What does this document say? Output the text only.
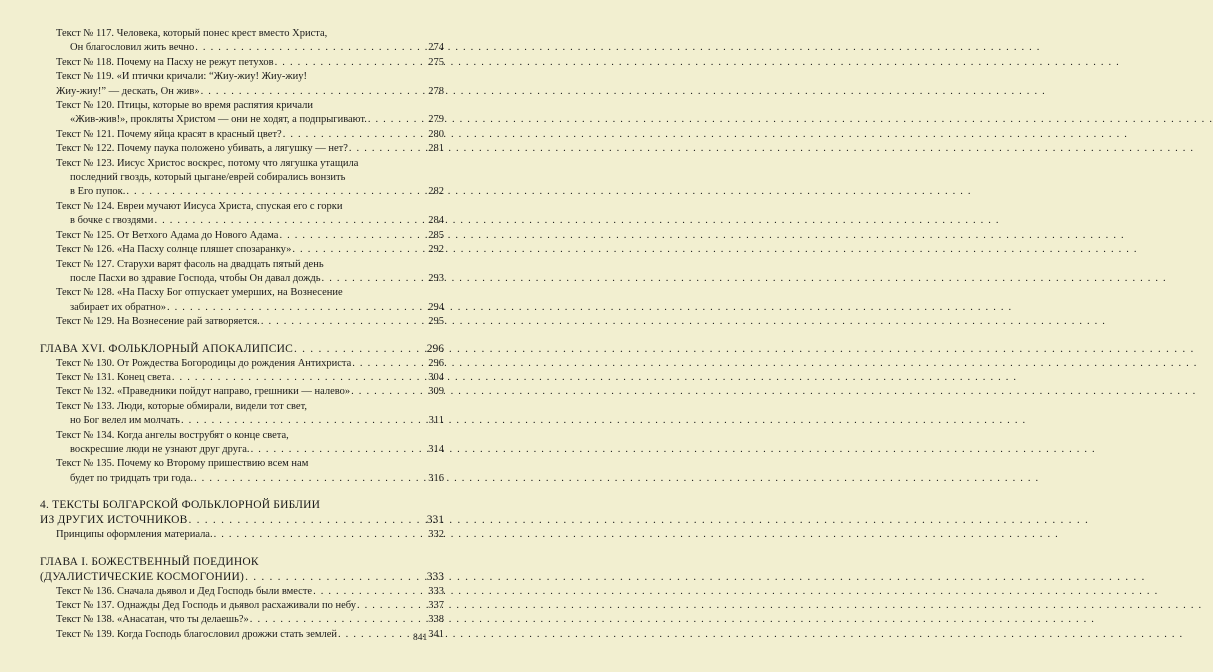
Текст № 117. Человека, который понес крест вместо Христа,
Он благословил жить вечно . . .	274
Текст № 118. Почему на Пасху не режут петухов . . .	275
Текст № 119. «И птички кричали: “Жиу-жиу! Жиу-жиу!
Жиу-жиу!” — дескать, Он жив» . . .	278
Текст № 120. Птицы, которые во время распятия кричали
«Жив-жив!», прокляты Христом — они не ходят, а подпрыгивают. . . .	279
Текст № 121. Почему яйца красят в красный цвет? . . .	280
Текст № 122. Почему паука положено убивать, а лягушку — нет? . . .	281
Текст № 123. Иисус Христос воскрес, потому что лягушка утащила
последний гвоздь, который цыгане/еврей собирались вонзить
в Его пупок. . . .	282
Текст № 124. Евреи мучают Иисуса Христа, спуская его с горки
в бочке с гвоздями . . .	284
Текст № 125. От Ветхого Адама до Нового Адама . . .	285
Текст № 126. «На Пасху солнце пляшет спозаранку» . . .	292
Текст № 127. Старухи варят фасоль на двадцать пятый день
после Пасхи во здравие Господа, чтобы Он давал дождь . . .	293
Текст № 128. «На Пасху Бог отпускает умерших, на Вознесение
забирает их обратно» . . .	294
Текст № 129. На Вознесение рай затворяется. . . .	295
ГЛАВА XVI. ФОЛЬКЛОРНЫЙ АПОКАЛИПСИС . . .	296
Текст № 130. От Рождества Богородицы до рождения Антихриста . . .	296
Текст № 131. Конец света . . .	304
Текст № 132. «Праведники пойдут направо, грешники — налево» . . .	309
Текст № 133. Люди, которые обмирали, видели тот свет,
но Бог велел им молчать . . .	311
Текст № 134. Когда ангелы вострубят о конце света,
воскресшие люди не узнают друг друга. . . .	314
Текст № 135. Почему ко Второму пришествию всем нам
будет по тридцать три года. . . .	316
4. ТЕКСТЫ БОЛГАРСКОЙ ФОЛЬКЛОРНОЙ БИБЛИИ
ИЗ ДРУГИХ ИСТОЧНИКОВ . . .	331
Принципы оформления материала. . . .	332
ГЛАВА I. БОЖЕСТВЕННЫЙ ПОЕДИНОК
(ДУАЛИСТИЧЕСКИЕ КОСМОГОНИИ) . . .	333
Текст № 136. Сначала дьявол и Дед Господь были вместе . . .	333
Текст № 137. Однажды Дед Господь и дьявол расхаживали по небу . . .	337
Текст № 138. «Анасатан, что ты делаешь?» . . .	338
Текст № 139. Когда Господь благословил дрожжи стать землей . . .	341
841
